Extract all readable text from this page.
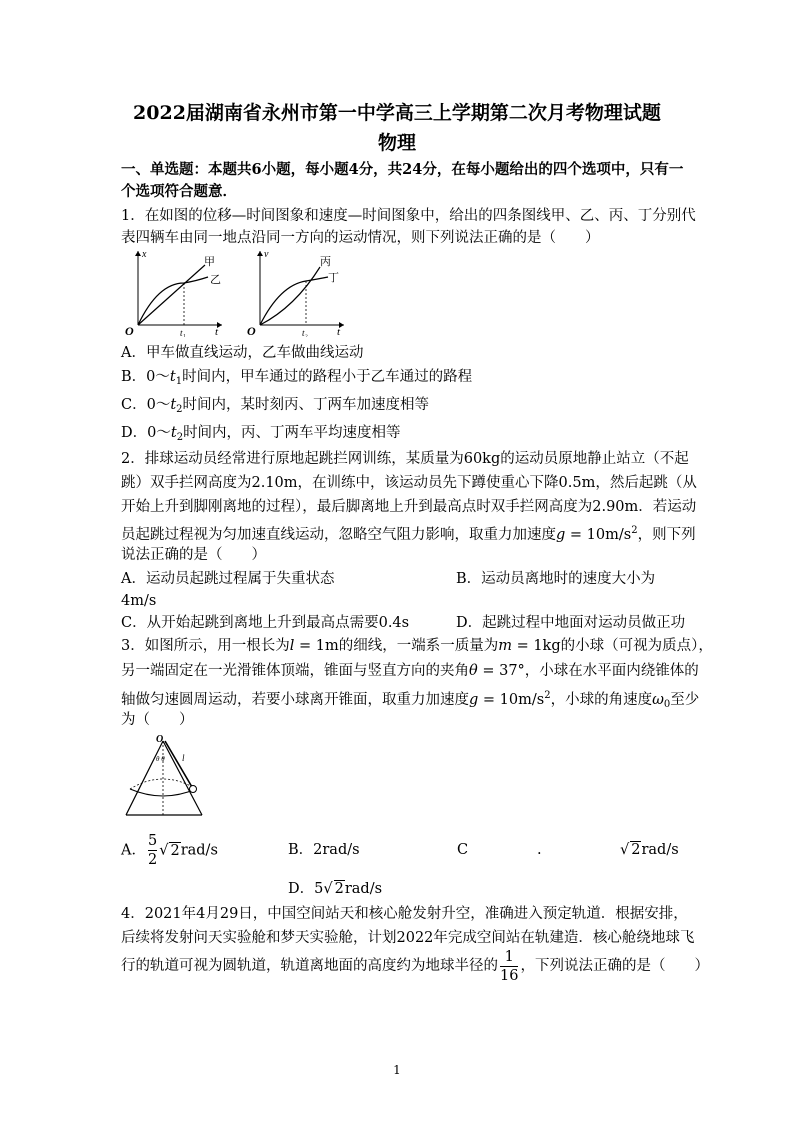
2022届湖南省永州市第一中学高三上学期第二次月考物理试题
物理
一、单选题：本题共6小题，每小题4分，共24分，在每小题给出的四个选项中，只有一
个选项符合题意．
1．在如图的位移—时间图象和速度—时间图象中，给出的四条图线甲、乙、丙、丁分别代
表四辆车由同一地点沿同一方向的运动情况，则下列说法正确的是（　　）
x
O	t
t₁
甲
乙
v
O	t
t₂
丙
丁
A．甲车做直线运动，乙车做曲线运动
B．$0\sim t_1$时间内，甲车通过的路程小于乙车通过的路程
C．$0\sim t_2$时间内，某时刻丙、丁两车加速度相等
D．$0\sim t_2$时间内，丙、丁两车平均速度相等
2．排球运动员经常进行原地起跳拦网训练，某质量为60kg的运动员原地静止站立（不起
跳）双手拦网高度为2.10m，在训练中，该运动员先下蹲使重心下降0.5m，然后起跳（从
开始上升到脚刚离地的过程），最后脚离地上升到最高点时双手拦网高度为2.90m．若运动
员起跳过程视为匀加速直线运动，忽略空气阻力影响，取重力加速度$g = 10m/s^2$，则下列
说法正确的是（　　）
A．运动员起跳过程属于失重状态	B．运动员离地时的速度大小为
4m/s
C．从开始起跳到离地上升到最高点需要0.4s	D．起跳过程中地面对运动员做正功
3．如图所示，用一根长为l = 1m的细线，一端系一质量为m = 1kg的小球（可视为质点），
另一端固定在一光滑锥体顶端，锥面与竖直方向的夹角θ = 37°，小球在水平面内绕锥体的
轴做匀速圆周运动，若要小球离开锥面，取重力加速度$g = 10m/s^2$，小球的角速度$\omega_0$至少
为（　　）
O
θ θ l
A． $\frac{5}{2}$ √ 2rad/s	B．2rad/s	C	.	√ 2rad/s
D．5√ 2rad/s
4．2021年4月29日，中国空间站天和核心舱发射升空，准确进入预定轨道．根据安排，
后续将发射问天实验舱和梦天实验舱，计划2022年完成空间站在轨建造．核心舱绕地球飞
行的轨道可视为圆轨道，轨道离地面的高度约为地球半径的 $\frac{1}{16}$ ，下列说法正确的是（　　）
1
